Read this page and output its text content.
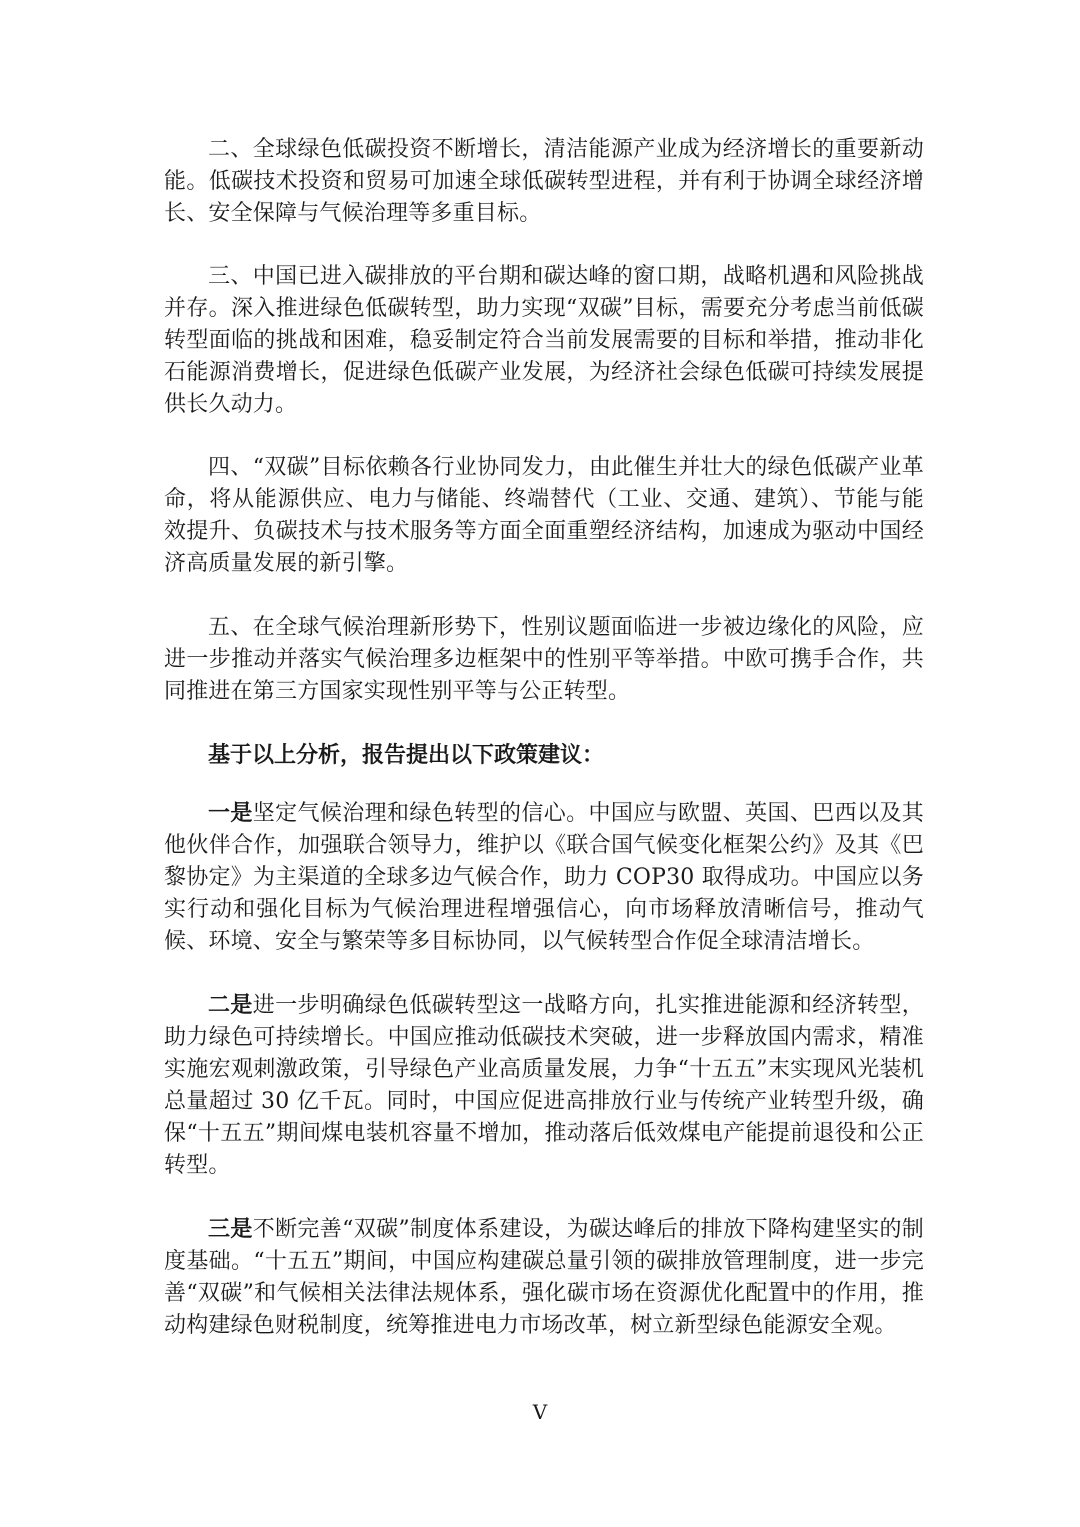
二、全球绿色低碳投资不断增长，清洁能源产业成为经济增长的重要新动能。低碳技术投资和贸易可加速全球低碳转型进程，并有利于协调全球经济增长、安全保障与气候治理等多重目标。

三、中国已进入碳排放的平台期和碳达峰的窗口期，战略机遇和风险挑战并存。深入推进绿色低碳转型，助力实现“双碳”目标，需要充分考虑当前低碳转型面临的挑战和困难，稳妥制定符合当前发展需要的目标和举措，推动非化石能源消费增长，促进绿色低碳产业发展，为经济社会绿色低碳可持续发展提供长久动力。

四、“双碳”目标依赖各行业协同发力，由此催生并壮大的绿色低碳产业革命，将从能源供应、电力与储能、终端替代（工业、交通、建筑）、节能与能效提升、负碳技术与技术服务等方面全面重塑经济结构，加速成为驱动中国经济高质量发展的新引擎。

五、在全球气候治理新形势下，性别议题面临进一步被边缘化的风险，应进一步推动并落实气候治理多边框架中的性别平等举措。中欧可携手合作，共同推进在第三方国家实现性别平等与公正转型。

基于以上分析，报告提出以下政策建议：

一是坚定气候治理和绿色转型的信心。中国应与欧盟、英国、巴西以及其他伙伴合作，加强联合领导力，维护以《联合国气候变化框架公约》及其《巴黎协定》为主渠道的全球多边气候合作，助力 COP30 取得成功。中国应以务实行动和强化目标为气候治理进程增强信心，向市场释放清晰信号，推动气候、环境、安全与繁荣等多目标协同，以气候转型合作促全球清洁增长。

二是进一步明确绿色低碳转型这一战略方向，扎实推进能源和经济转型，助力绿色可持续增长。中国应推动低碳技术突破，进一步释放国内需求，精准实施宏观刺激政策，引导绿色产业高质量发展，力争“十五五”末实现风光装机总量超过 30 亿千瓦。同时，中国应促进高排放行业与传统产业转型升级，确保“十五五”期间煤电装机容量不增加，推动落后低效煤电产能提前退役和公正转型。

三是不断完善“双碳”制度体系建设，为碳达峰后的排放下降构建坚实的制度基础。“十五五”期间，中国应构建碳总量引领的碳排放管理制度，进一步完善“双碳”和气候相关法律法规体系，强化碳市场在资源优化配置中的作用，推动构建绿色财税制度，统筹推进电力市场改革，树立新型绿色能源安全观。

V
